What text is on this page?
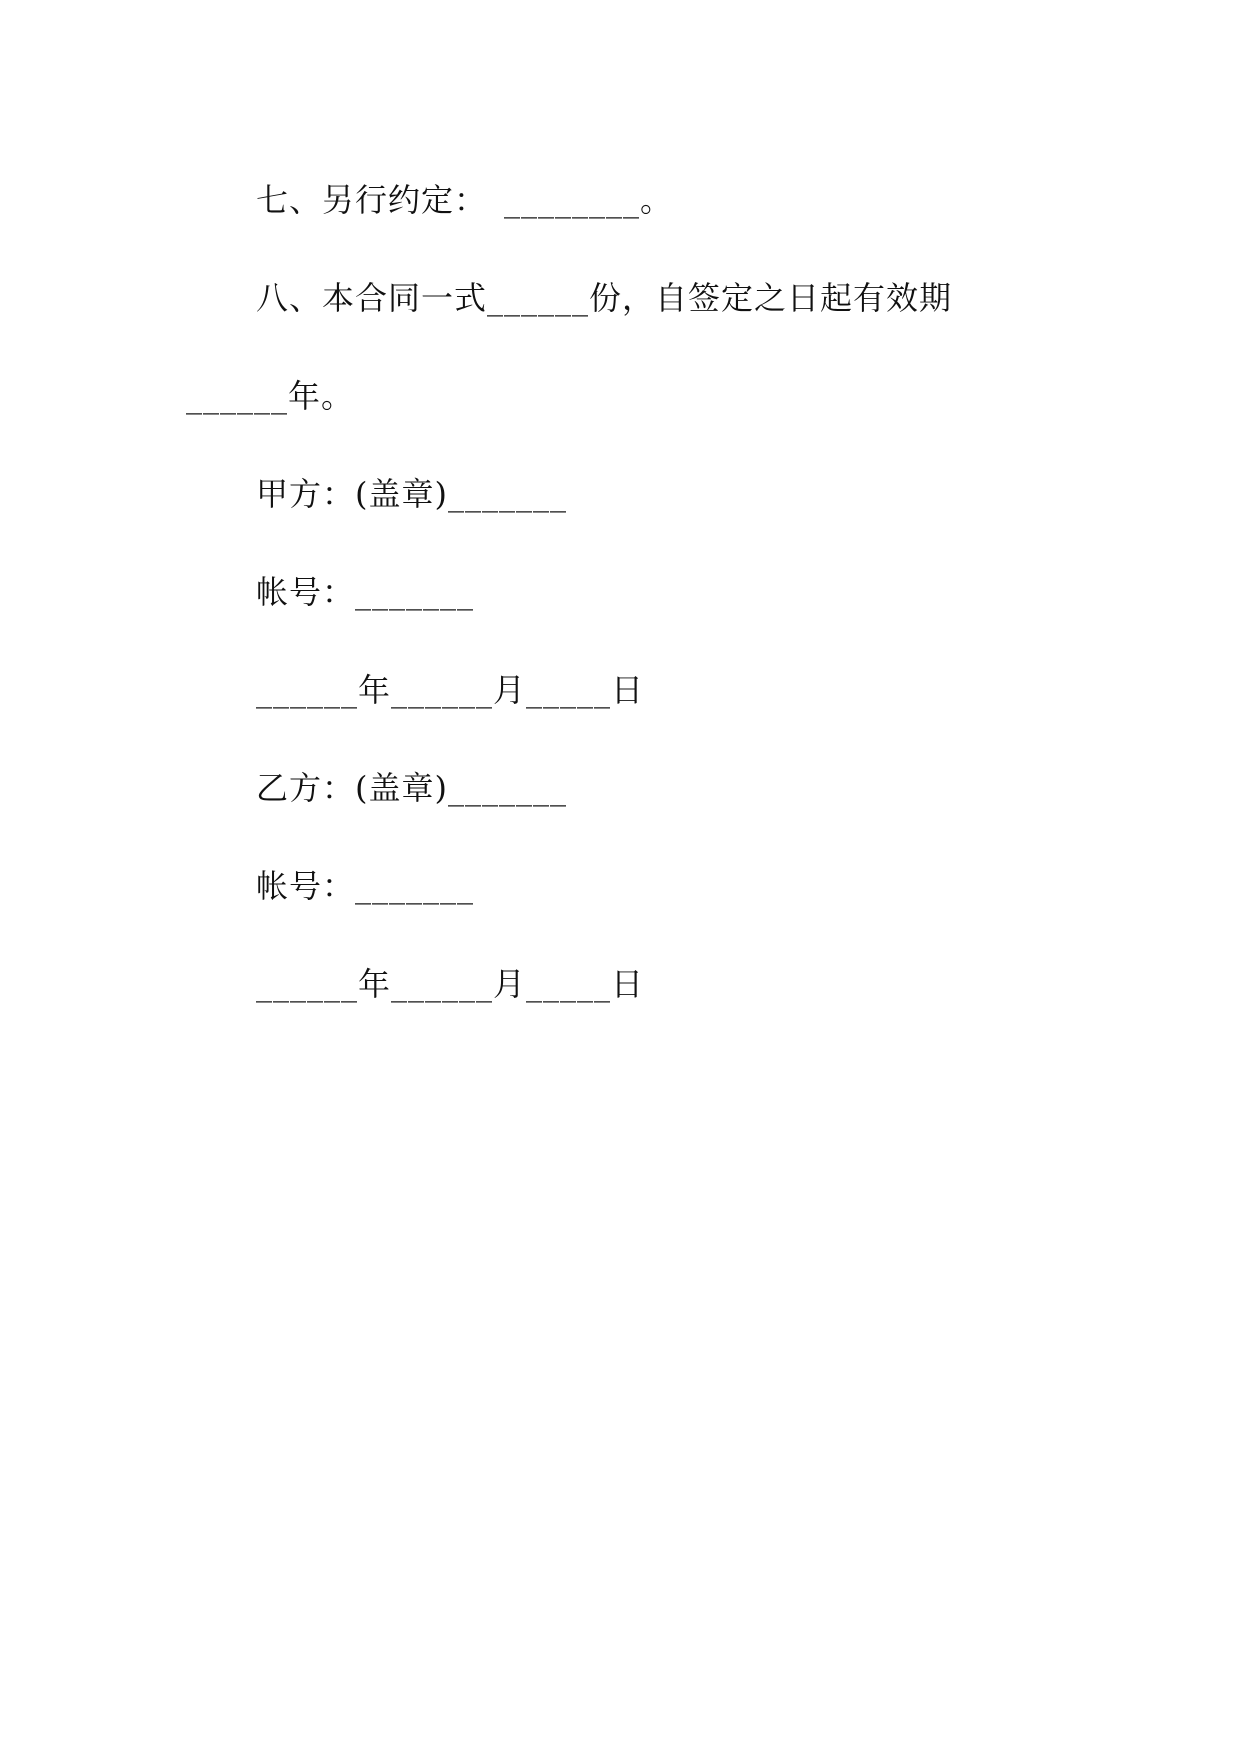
七、另行约定：　________。
八、本合同一式______份，自签定之日起有效期
______年。
甲方：(盖章)_______
帐号：_______
______年______月_____日
乙方：(盖章)_______
帐号：_______
______年______月_____日
